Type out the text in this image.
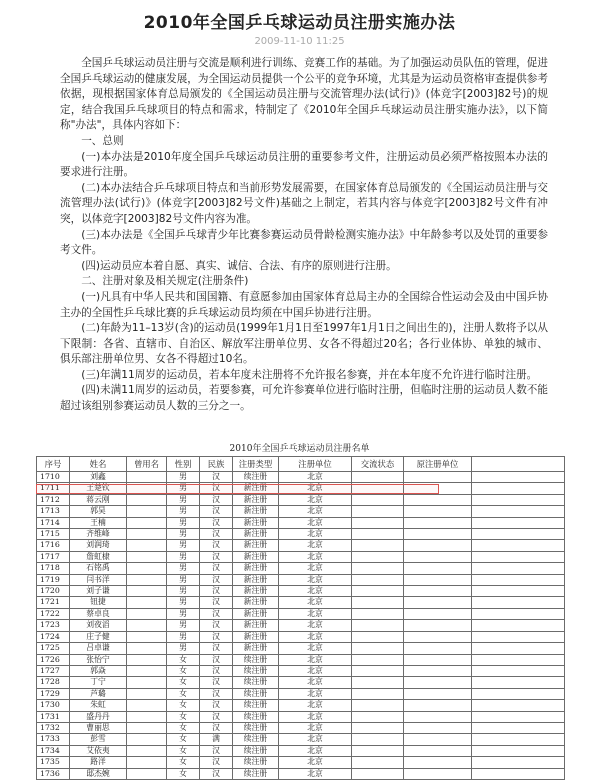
2010年全国乒乓球运动员注册实施办法
2009-11-10 11:25

全国乒乓球运动员注册与交流是顺利进行训练、竞赛工作的基础。为了加强运动员队伍的管理，促进全国乒乓球运动的健康发展，为全国运动员提供一个公平的竞争环境，尤其是为运动员资格审查提供参考依据，现根据国家体育总局颁发的《全国运动员注册与交流管理办法(试行)》(体竞字[2003]82号)的规定，结合我国乒乓球项目的特点和需求，特制定了《2010年全国乒乓球运动员注册实施办法》，以下简称"办法"，具体内容如下：

一、总则

(一)本办法是2010年度全国乒乓球运动员注册的重要参考文件，注册运动员必须严格按照本办法的要求进行注册。

(二)本办法结合乒乓球项目特点和当前形势发展需要，在国家体育总局颁发的《全国运动员注册与交流管理办法(试行)》(体竞字[2003]82号文件)基础之上制定，若其内容与体竞字[2003]82号文件有冲突，以体竞字[2003]82号文件内容为准。

(三)本办法是《全国乒乓球青少年比赛参赛运动员骨龄检测实施办法》中年龄参考以及处罚的重要参考文件。

(四)运动员应本着自愿、真实、诚信、合法、有序的原则进行注册。

二、注册对象及相关规定(注册条件)

(一)凡具有中华人民共和国国籍、有意愿参加由国家体育总局主办的全国综合性运动会及由中国乒协主办的全国性乒乓球比赛的乒乓球运动员均须在中国乒协进行注册。

(二)年龄为11–13岁(含)的运动员(1999年1月1日至1997年1月1日之间出生的)，注册人数将予以从下限制：各省、直辖市、自治区、解放军注册单位男、女各不得超过20名；各行业体协、单独的城市、俱乐部注册单位男、女各不得超过10名。

(三)年满11周岁的运动员，若本年度未注册将不允许报名参赛，并在本年度不允许进行临时注册。

(四)未满11周岁的运动员，若要参赛，可允许参赛单位进行临时注册，但临时注册的运动员人数不能超过该组别参赛运动员人数的三分之一。

2010年全国乒乓球运动员注册名单
序号	姓名	曾用名	性别	民族	注册类型	注册单位	交流状态	原注册单位	
1710	刘鑫		男	汉	续注册	北京			
1711	王楚钦		男	汉	新注册	北京			
1712	蒋云刚		男	汉	新注册	北京			
1713	郭昊		男	汉	新注册	北京			
1714	王楠		男	汉	新注册	北京			
1715	齐维峰		男	汉	新注册	北京			
1716	刘润琦		男	汉	新注册	北京			
1717	詹虹棣		男	汉	新注册	北京			
1718	石铭禹		男	汉	新注册	北京			
1719	闫书洋		男	汉	新注册	北京			
1720	刘子谦		男	汉	新注册	北京			
1721	钮捷		男	汉	新注册	北京			
1722	蔡卓良		男	汉	新注册	北京			
1723	刘夜滔		男	汉	新注册	北京			
1724	庄子健		男	汉	新注册	北京			
1725	吕卓谦		男	汉	新注册	北京			
1726	张怡宁		女	汉	续注册	北京			
1727	郭焱		女	汉	续注册	北京			
1728	丁宁		女	汉	续注册	北京			
1729	芦璐		女	汉	续注册	北京			
1730	朱虹		女	汉	续注册	北京			
1731	盛丹丹		女	汉	续注册	北京			
1732	曹丽思		女	汉	续注册	北京			
1733	彭雪		女	满	续注册	北京			
1734	艾依夷		女	汉	续注册	北京			
1735	路洋		女	汉	续注册	北京			
1736	邸杰婉		女	汉	续注册	北京			
